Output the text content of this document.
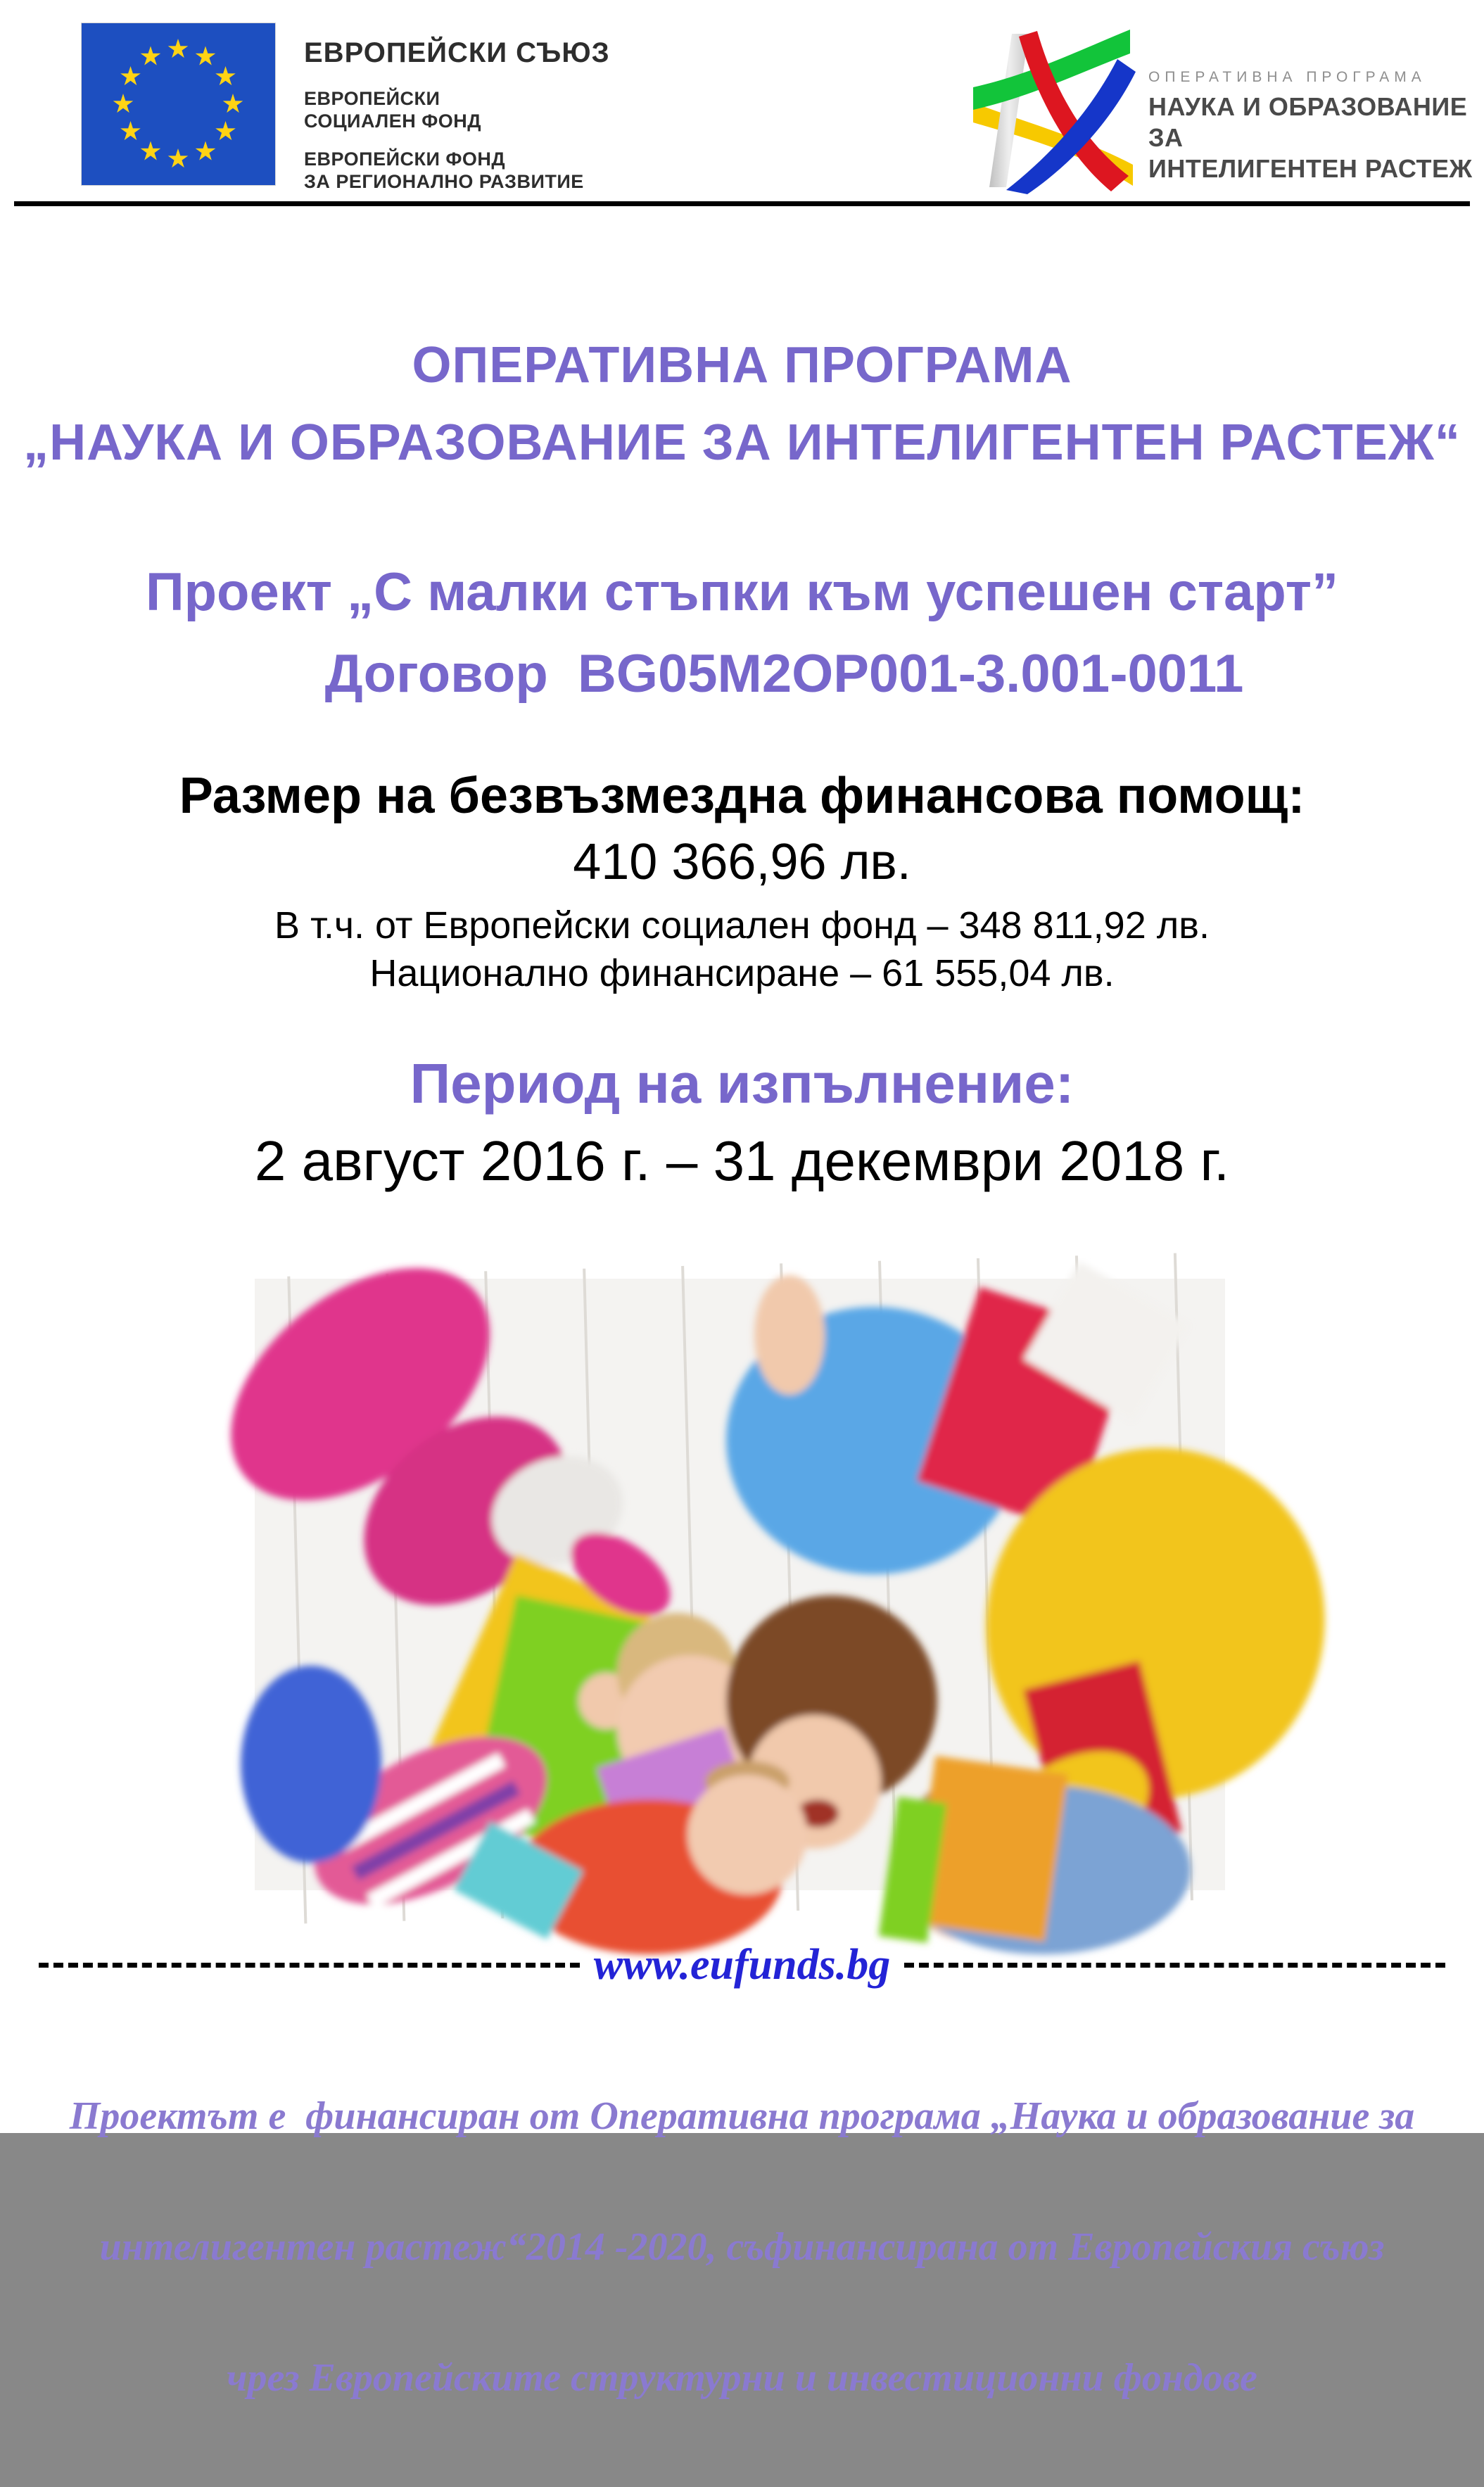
ЕВРОПЕЙСКИ СЪЮЗ
ЕВРОПЕЙСКИ
СОЦИАЛЕН ФОНД
ЕВРОПЕЙСКИ ФОНД
ЗА РЕГИОНАЛНО РАЗВИТИЕ
ОПЕРАТИВНА ПРОГРАМА
НАУКА И ОБРАЗОВАНИЕ ЗА
ИНТЕЛИГЕНТЕН РАСТЕЖ
ОПЕРАТИВНА ПРОГРАМА
„НАУКА И ОБРАЗОВАНИЕ ЗА ИНТЕЛИГЕНТЕН РАСТЕЖ“
Проект „С малки стъпки към успешен старт”
Договор  BG05M2OP001-3.001-0011
Размер на безвъзмездна финансова помощ:
410 366,96 лв.
В т.ч. от Европейски социален фонд – 348 811,92 лв.
Национално финансиране – 61 555,04 лв.
Период на изпълнение:
2 август 2016 г. – 31 декември 2018 г.
www.eufunds.bg

Проектът е  финансиран от Оперативна програма „Наука и образование за

интелигентен растеж“2014 -2020, съфинансирана от Европейския съюз

чрез Европейските структурни и инвестиционни фондове
